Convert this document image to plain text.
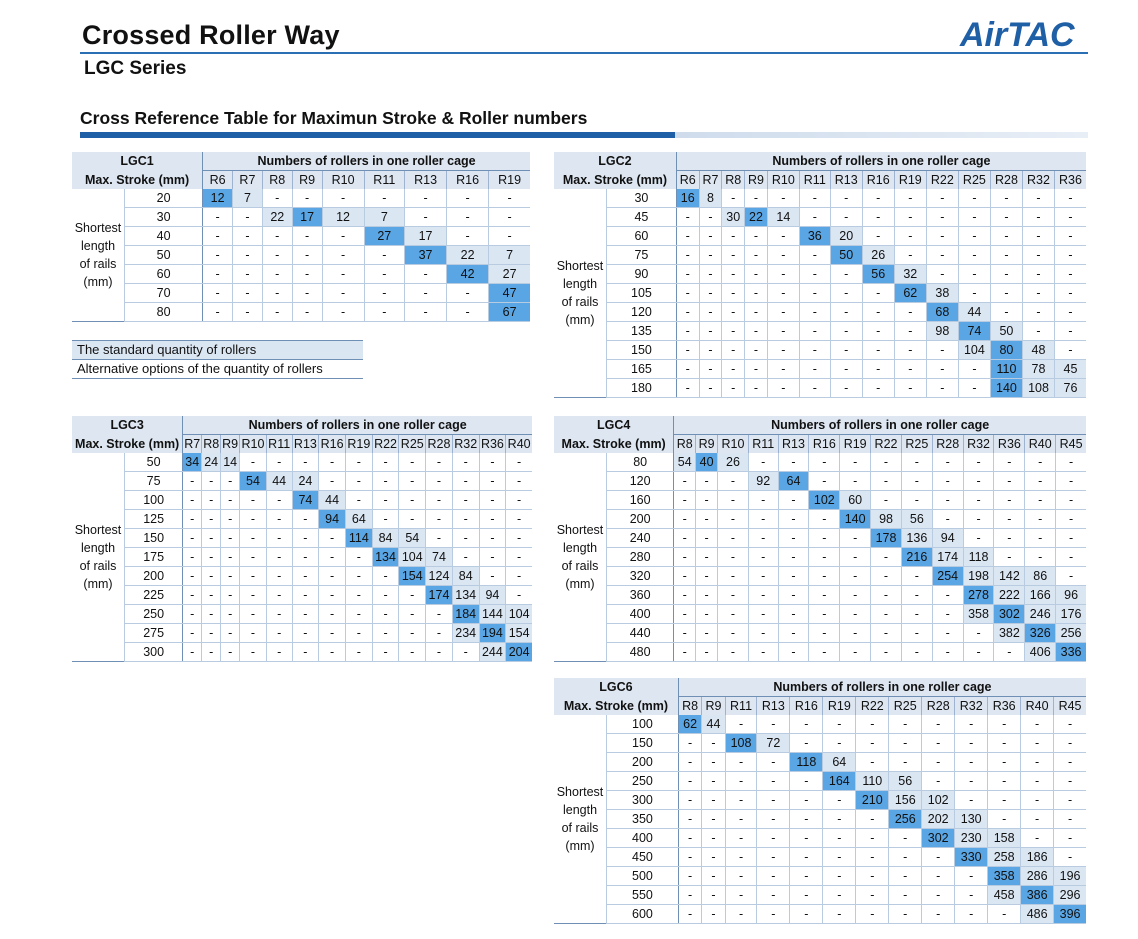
Crossed Roller Way
LGC Series
AirTAC
Cross Reference Table for Maximun Stroke & Roller numbers
LGC1		Numbers of rollers in one roller cage								
Max. Stroke (mm)		R6	R7	R8	R9	R10	R11	R13	R16	R19

Shortest
length
of rails
(mm)	20	12	7	-	-	-	-	-	-	-
	30	-	-	22	17	12	7	-	-	-
	40	-	-	-	-	-	27	17	-	-
	50	-	-	-	-	-	-	37	22	7
	60	-	-	-	-	-	-	-	42	27
	70	-	-	-	-	-	-	-	-	47
	80	-	-	-	-	-	-	-	-	67
LGC2		Numbers of rollers in one roller cage													
Max. Stroke (mm)		R6	R7	R8	R9	R10	R11	R13	R16	R19	R22	R25	R28	R32	R36

Shortest
length
of rails
(mm)	30	16	8	-	-	-	-	-	-	-	-	-	-	-	-
	45	-	-	30	22	14	-	-	-	-	-	-	-	-	-
	60	-	-	-	-	-	36	20	-	-	-	-	-	-	-
	75	-	-	-	-	-	-	50	26	-	-	-	-	-	-
	90	-	-	-	-	-	-	-	56	32	-	-	-	-	-
	105	-	-	-	-	-	-	-	-	62	38	-	-	-	-
	120	-	-	-	-	-	-	-	-	-	68	44	-	-	-
	135	-	-	-	-	-	-	-	-	-	98	74	50	-	-
	150	-	-	-	-	-	-	-	-	-	-	104	80	48	-
	165	-	-	-	-	-	-	-	-	-	-	-	110	78	45
	180	-	-	-	-	-	-	-	-	-	-	-	140	108	76
LGC3		Numbers of rollers in one roller cage													
Max. Stroke (mm)		R7	R8	R9	R10	R11	R13	R16	R19	R22	R25	R28	R32	R36	R40

Shortest
length
of rails
(mm)	50	34	24	14	-	-	-	-	-	-	-	-	-	-	-
	75	-	-	-	54	44	24	-	-	-	-	-	-	-	-
	100	-	-	-	-	-	74	44	-	-	-	-	-	-	-
	125	-	-	-	-	-	-	94	64	-	-	-	-	-	-
	150	-	-	-	-	-	-	-	114	84	54	-	-	-	-
	175	-	-	-	-	-	-	-	-	134	104	74	-	-	-
	200	-	-	-	-	-	-	-	-	-	154	124	84	-	-
	225	-	-	-	-	-	-	-	-	-	-	174	134	94	-
	250	-	-	-	-	-	-	-	-	-	-	-	184	144	104
	275	-	-	-	-	-	-	-	-	-	-	-	234	194	154
	300	-	-	-	-	-	-	-	-	-	-	-	-	244	204
LGC4		Numbers of rollers in one roller cage													
Max. Stroke (mm)		R8	R9	R10	R11	R13	R16	R19	R22	R25	R28	R32	R36	R40	R45

Shortest
length
of rails
(mm)	80	54	40	26	-	-	-	-	-	-	-	-	-	-	-
	120	-	-	-	92	64	-	-	-	-	-	-	-	-	-
	160	-	-	-	-	-	102	60	-	-	-	-	-	-	-
	200	-	-	-	-	-	-	140	98	56	-	-	-	-	-
	240	-	-	-	-	-	-	-	178	136	94	-	-	-	-
	280	-	-	-	-	-	-	-	-	216	174	118	-	-	-
	320	-	-	-	-	-	-	-	-	-	254	198	142	86	-
	360	-	-	-	-	-	-	-	-	-	-	278	222	166	96
	400	-	-	-	-	-	-	-	-	-	-	358	302	246	176
	440	-	-	-	-	-	-	-	-	-	-	-	382	326	256
	480	-	-	-	-	-	-	-	-	-	-	-	-	406	336
LGC6		Numbers of rollers in one roller cage												
Max. Stroke (mm)		R8	R9	R11	R13	R16	R19	R22	R25	R28	R32	R36	R40	R45

Shortest
length
of rails
(mm)	100	62	44	-	-	-	-	-	-	-	-	-	-	-
	150	-	-	108	72	-	-	-	-	-	-	-	-	-
	200	-	-	-	-	118	64	-	-	-	-	-	-	-
	250	-	-	-	-	-	164	110	56	-	-	-	-	-
	300	-	-	-	-	-	-	210	156	102	-	-	-	-
	350	-	-	-	-	-	-	-	256	202	130	-	-	-
	400	-	-	-	-	-	-	-	-	302	230	158	-	-
	450	-	-	-	-	-	-	-	-	-	330	258	186	-
	500	-	-	-	-	-	-	-	-	-	-	358	286	196
	550	-	-	-	-	-	-	-	-	-	-	458	386	296
	600	-	-	-	-	-	-	-	-	-	-	-	486	396
The standard quantity of rollers
Alternative options of the quantity of rollers
